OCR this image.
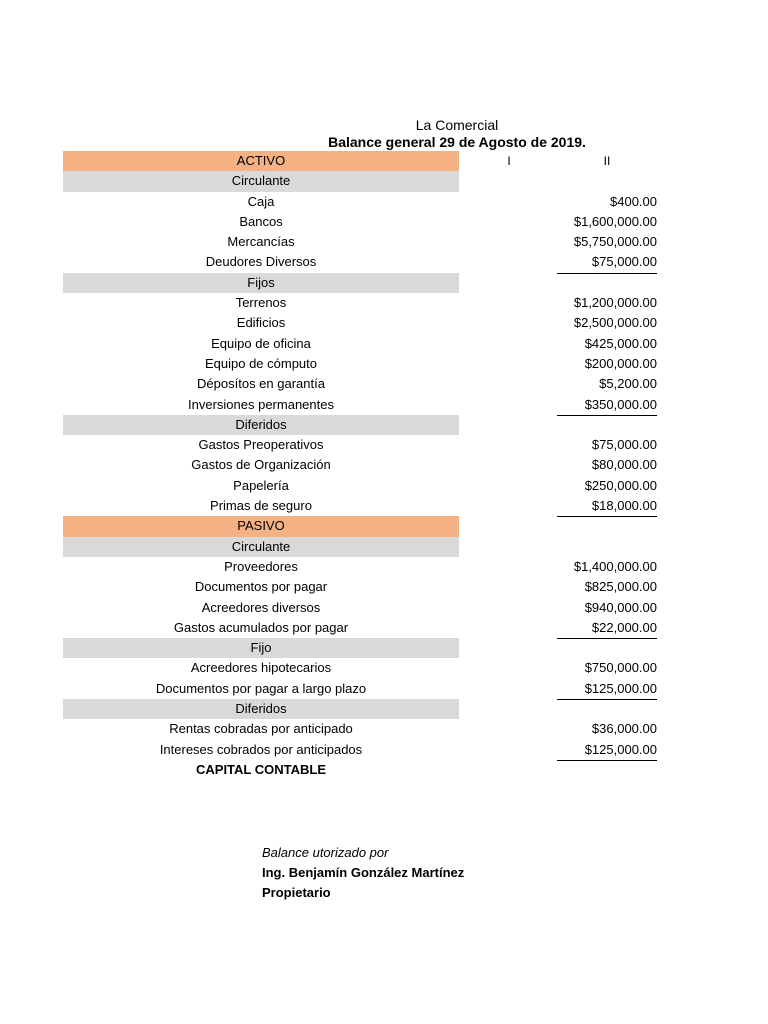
La Comercial
Balance general 29 de Agosto de 2019.
ACTIVO	I	II
Circulante
Caja	$400.00
Bancos	$1,600,000.00
Mercancías	$5,750,000.00
Deudores Diversos	$75,000.00
Fijos
Terrenos	$1,200,000.00
Edificios	$2,500,000.00
Equipo de oficina	$425,000.00
Equipo de cómputo	$200,000.00
Déposítos en garantía	$5,200.00
Inversiones permanentes	$350,000.00
Diferidos
Gastos Preoperativos	$75,000.00
Gastos de Organización	$80,000.00
Papelería	$250,000.00
Primas de seguro	$18,000.00
PASIVO
Circulante
Proveedores	$1,400,000.00
Documentos por pagar	$825,000.00
Acreedores diversos	$940,000.00
Gastos acumulados por pagar	$22,000.00
Fijo
Acreedores hipotecarios	$750,000.00
Documentos por pagar a largo plazo	$125,000.00
Diferidos
Rentas cobradas por anticipado	$36,000.00
Intereses cobrados por anticipados	$125,000.00
CAPITAL CONTABLE
Balance utorizado por
Ing. Benjamín González Martínez
Propietario
